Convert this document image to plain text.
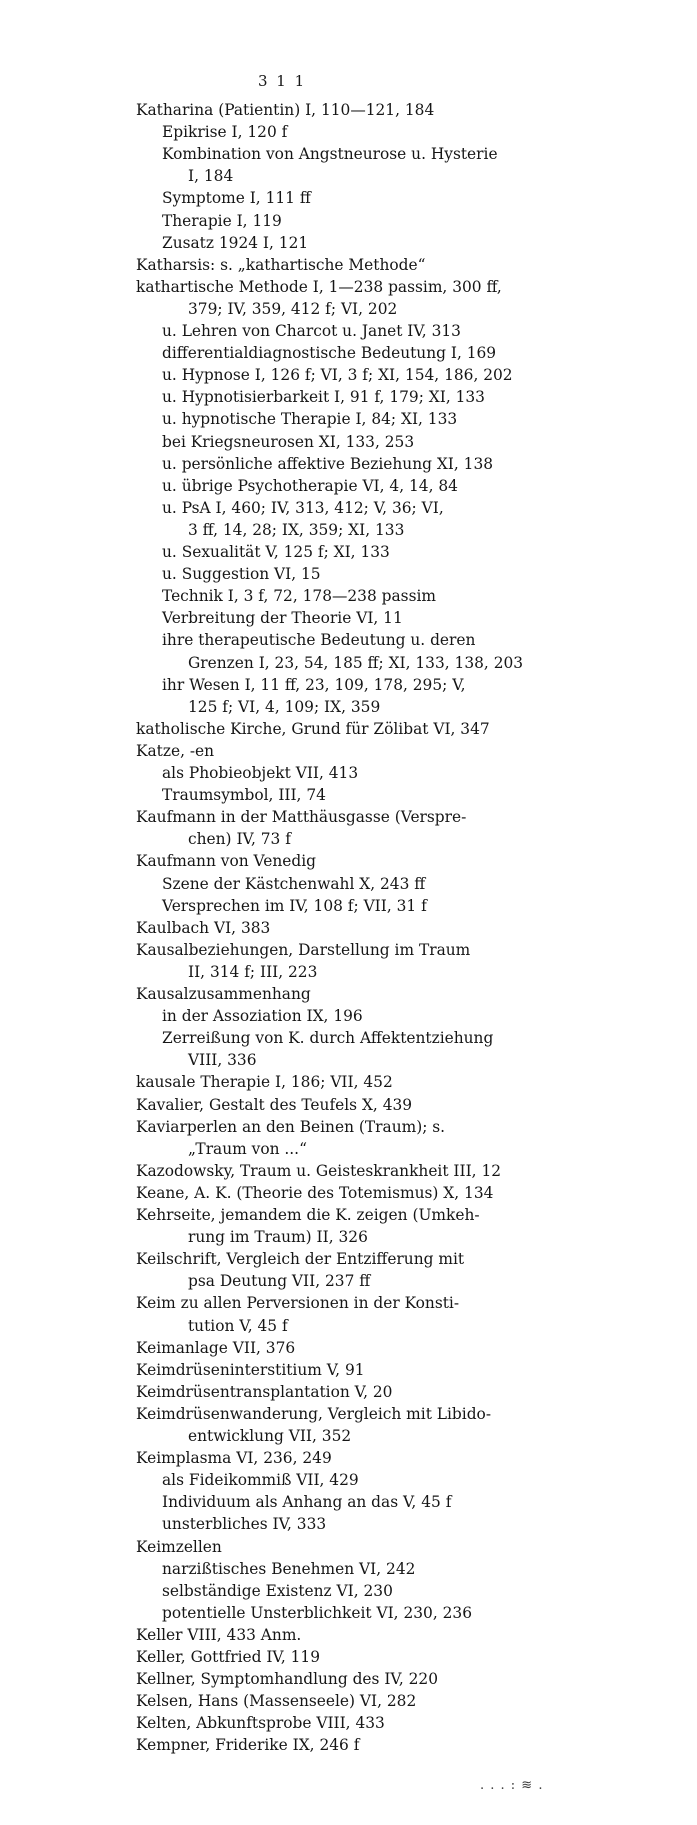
3 1 1
Katharina (Patientin) I, 110—121, 184
Epikrise I, 120 f
Kombination von Angstneurose u. Hysterie
I, 184
Symptome I, 111 ff
Therapie I, 119
Zusatz 1924 I, 121
Katharsis: s. „kathartische Methode“
kathartische Methode I, 1—238 passim, 300 ff,
379; IV, 359, 412 f; VI, 202
u. Lehren von Charcot u. Janet IV, 313
differentialdiagnostische Bedeutung I, 169
u. Hypnose I, 126 f; VI, 3 f; XI, 154, 186, 202
u. Hypnotisierbarkeit I, 91 f, 179; XI, 133
u. hypnotische Therapie I, 84; XI, 133
bei Kriegsneurosen XI, 133, 253
u. persönliche affektive Beziehung XI, 138
u. übrige Psychotherapie VI, 4, 14, 84
u. PsA I, 460; IV, 313, 412; V, 36; VI,
3 ff, 14, 28; IX, 359; XI, 133
u. Sexualität V, 125 f; XI, 133
u. Suggestion VI, 15
Technik I, 3 f, 72, 178—238 passim
Verbreitung der Theorie VI, 11
ihre therapeutische Bedeutung u. deren
Grenzen I, 23, 54, 185 ff; XI, 133, 138, 203
ihr Wesen I, 11 ff, 23, 109, 178, 295; V,
125 f; VI, 4, 109; IX, 359
katholische Kirche, Grund für Zölibat VI, 347
Katze, -en
als Phobieobjekt VII, 413
Traumsymbol, III, 74
Kaufmann in der Matthäusgasse (Verspre-
chen) IV, 73 f
Kaufmann von Venedig
Szene der Kästchenwahl X, 243 ff
Versprechen im IV, 108 f; VII, 31 f
Kaulbach VI, 383
Kausalbeziehungen, Darstellung im Traum
II, 314 f; III, 223
Kausalzusammenhang
in der Assoziation IX, 196
Zerreißung von K. durch Affektentziehung
VIII, 336
kausale Therapie I, 186; VII, 452
Kavalier, Gestalt des Teufels X, 439
Kaviarperlen an den Beinen (Traum); s.
„Traum von ...“
Kazodowsky, Traum u. Geisteskrankheit III, 12
Keane, A. K. (Theorie des Totemismus) X, 134
Kehrseite, jemandem die K. zeigen (Umkeh-
rung im Traum) II, 326
Keilschrift, Vergleich der Entzifferung mit
psa Deutung VII, 237 ff
Keim zu allen Perversionen in der Konsti-
tution V, 45 f
Keimanlage VII, 376
Keimdrüseninterstitium V, 91
Keimdrüsentransplantation V, 20
Keimdrüsenwanderung, Vergleich mit Libido-
entwicklung VII, 352
Keimplasma VI, 236, 249
als Fideikommiß VII, 429
Individuum als Anhang an das V, 45 f
unsterbliches IV, 333
Keimzellen
narzißtisches Benehmen VI, 242
selbständige Existenz VI, 230
potentielle Unsterblichkeit VI, 230, 236
Keller VIII, 433 Anm.
Keller, Gottfried IV, 119
Kellner, Symptomhandlung des IV, 220
Kelsen, Hans (Massenseele) VI, 282
Kelten, Abkunftsprobe VIII, 433
Kempner, Friderike IX, 246 f
. . . : ≋ .
